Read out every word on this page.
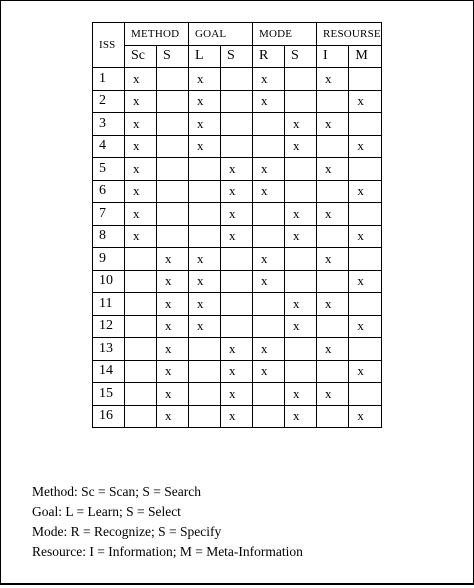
ISS	METHOD		GOAL		MODE		RESOURSE	
	Sc	S	L	S	R	S	I	M
1	x		x		x		x	
2	x		x		x			x
3	x		x			x	x	
4	x		x			x		x
5	x			x	x		x	
6	x			x	x			x
7	x			x		x	x	
8	x			x		x		x
9		x	x		x		x	
10		x	x		x			x
11		x	x			x	x	
12		x	x			x		x
13		x		x	x		x	
14		x		x	x			x
15		x		x		x	x	
16		x		x		x		x
Method: Sc = Scan; S = Search
Goal: L = Learn; S = Select
Mode: R = Recognize; S = Specify
Resource: I = Information; M = Meta-Information
